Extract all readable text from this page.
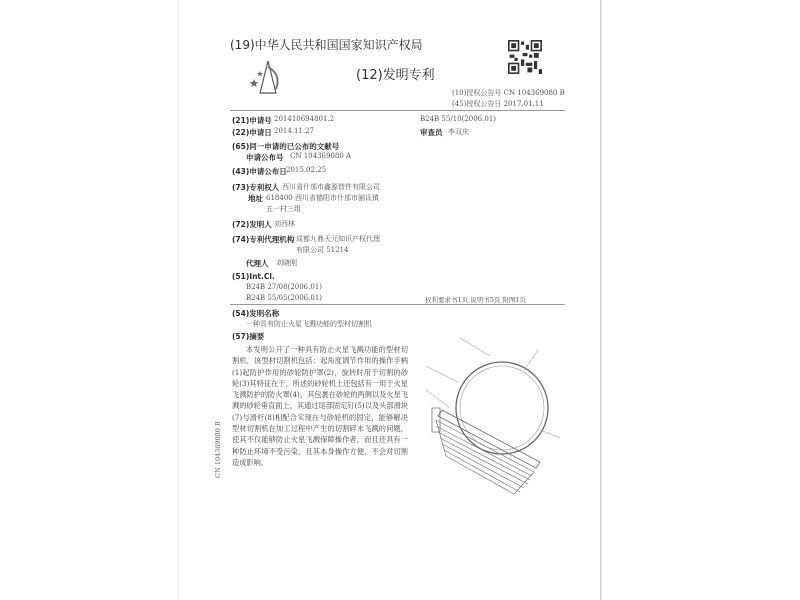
(19)中华人民共和国国家知识产权局
(12)发明专利
(10)授权公告号 CN 104369080 B
(45)授权公告日 2017.01.11
(21)申请号 201410694801.2	B24B 55/10(2006.01)
审查员 李双庆
(22)申请日 2014.11.27
(65)同一申请的已公布的文献号
申请公布号 CN 104369080 A
(43)申请公布日 2015.02.25
(73)专利权人 西川省什邡市鑫源替件有限公司
地址 618400 西川省德阳市什邡市湔氐镇
五一村三组
(72)发明人 刘西林
(74)专利代理机构 成都九鼎天元知识产权代理
有限公司 51214
代理人 刘晓刚
(51)Int.Cl.
B24B 27/08(2006.01)
B24B 55/05(2006.01)	权利要求书1页 说明书5页 附图1页
(54)发明名称
一种具有防止火星飞溅功能的型材切割机
(57)摘要
本发明公开了一种具有防止火星飞溅功能的型材切割机，该型材切割机包括：起角度调节作用的操作手柄(1)起防护作用的砂轮防护罩(2)，旋转时用于切割的砂轮(3)其特征在于，所述的砂轮机上还包括有一用于火星飞溅防护的防火罩(4)，其包裹在砂轮的两侧以及火星飞溅的砂轮垂直面上，其通过尾部固定钉(5)以及头部滑块(7)与滑杆(8)相配合实现在与砂轮机的固定，能够解决型材切割机在加工过程中产生的切割碎末飞溅的问题，使其不仅能够防止火星飞溅保障操作者，而且还具有一种防止环境不受污染，且其本身操作方便，不会对切割造成影响。
CN 104369080 B
